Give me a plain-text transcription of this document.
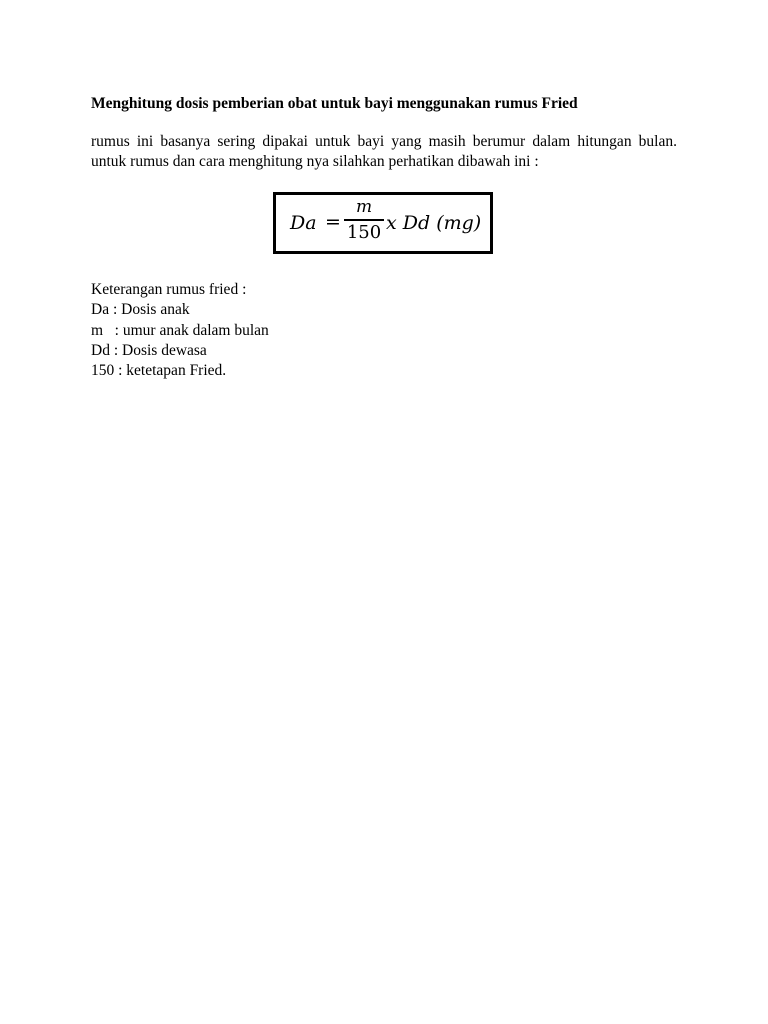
Menghitung dosis pemberian obat untuk bayi menggunakan rumus Fried

rumus ini basanya sering dipakai untuk bayi yang masih berumur dalam hitungan bulan. untuk rumus dan cara menghitung nya silahkan perhatikan dibawah ini :

Da =
m
150 x Dd (mg)
Keterangan rumus fried :
Da : Dosis anak
m   : umur anak dalam bulan
Dd : Dosis dewasa
150 : ketetapan Fried.
